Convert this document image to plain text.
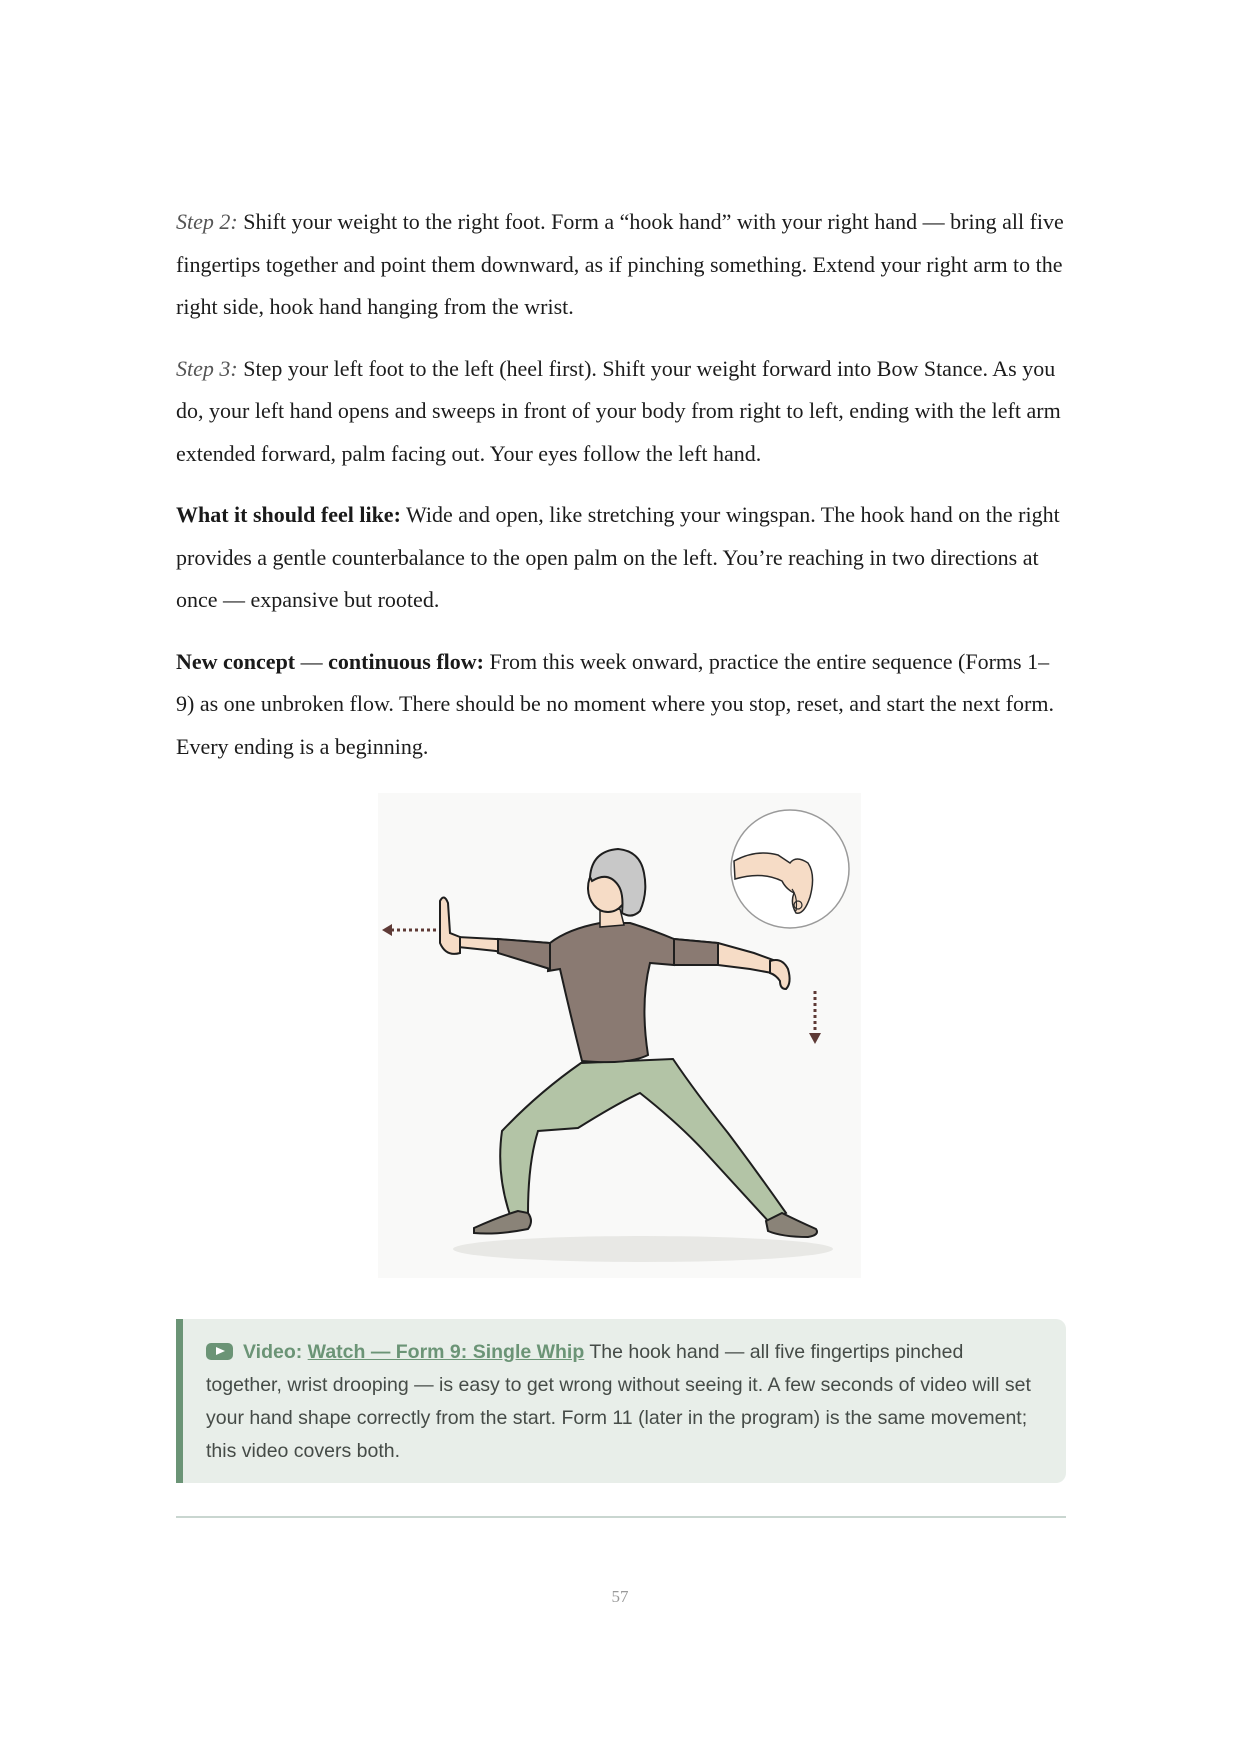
Step 2: Shift your weight to the right foot. Form a “hook hand” with your right hand — bring all five fingertips together and point them downward, as if pinching something. Extend your right arm to the right side, hook hand hanging from the wrist.

Step 3: Step your left foot to the left (heel first). Shift your weight forward into Bow Stance. As you do, your left hand opens and sweeps in front of your body from right to left, ending with the left arm extended forward, palm facing out. Your eyes follow the left hand.

What it should feel like: Wide and open, like stretching your wingspan. The hook hand on the right provides a gentle counterbalance to the open palm on the left. You’re reaching in two directions at once — expansive but rooted.

New concept — continuous flow: From this week onward, practice the entire sequence (Forms 1–9) as one unbroken flow. There should be no moment where you stop, reset, and start the next form. Every ending is a beginning.

Video: Watch — Form 9: Single Whip The hook hand — all five fingertips pinched together, wrist drooping — is easy to get wrong without seeing it. A few seconds of video will set your hand shape correctly from the start. Form 11 (later in the program) is the same movement; this video covers both.
57
